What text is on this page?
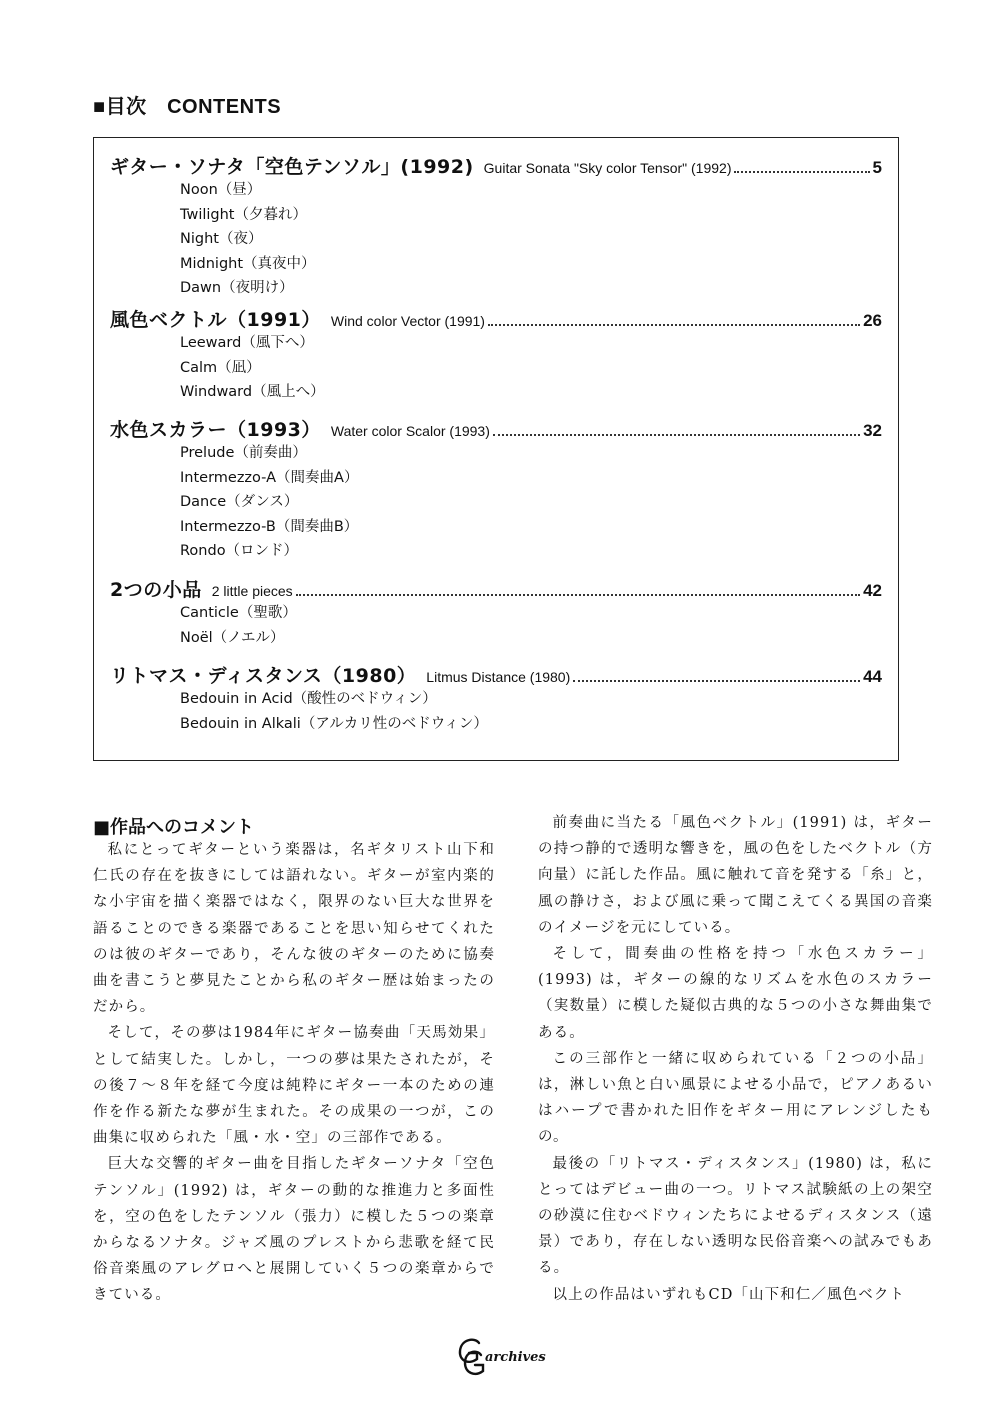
■目次　CONTENTS
ギター・ソナタ「空色テンソル」(1992) Guitar Sonata "Sky color Tensor" (1992)	5
Noon（昼）
Twilight（夕暮れ）
Night（夜）
Midnight（真夜中）
Dawn（夜明け）
風色ベクトル（1991） Wind color Vector (1991)	26
Leeward（風下へ）
Calm（凪）
Windward（風上へ）
水色スカラー（1993） Water color Scalor (1993)	32
Prelude（前奏曲）
Intermezzo-A（間奏曲A）
Dance（ダンス）
Intermezzo-B（間奏曲B）
Rondo（ロンド）
2つの小品 2 little pieces	42
Canticle（聖歌）
Noël（ノエル）
リトマス・ディスタンス（1980） Litmus Distance (1980)	44
Bedouin in Acid（酸性のベドウィン）
Bedouin in Alkali（アルカリ性のベドウィン）
■作品へのコメント

私にとってギターという楽器は，名ギタリスト山下和仁氏の存在を抜きにしては語れない。ギターが室内楽的な小宇宙を描く楽器ではなく，限界のない巨大な世界を語ることのできる楽器であることを思い知らせてくれたのは彼のギターであり，そんな彼のギターのために協奏曲を書こうと夢見たことから私のギター歴は始まったのだから。

そして，その夢は1984年にギター協奏曲「天馬効果」として結実した。しかし，一つの夢は果たされたが，その後７～８年を経て今度は純粋にギター一本のための連作を作る新たな夢が生まれた。その成果の一つが，この曲集に収められた「風・水・空」の三部作である。

巨大な交響的ギター曲を目指したギターソナタ「空色テンソル」(1992) は，ギターの動的な推進力と多面性を，空の色をしたテンソル（張力）に模した５つの楽章からなるソナタ。ジャズ風のプレストから悲歌を経て民俗音楽風のアレグロへと展開していく５つの楽章からできている。

前奏曲に当たる「風色ベクトル」(1991) は，ギターの持つ静的で透明な響きを，風の色をしたベクトル（方向量）に託した作品。風に触れて音を発する「糸」と，風の静けさ，および風に乗って聞こえてくる異国の音楽のイメージを元にしている。

そして，間奏曲の性格を持つ「水色スカラー」(1993) は，ギターの線的なリズムを水色のスカラー（実数量）に模した疑似古典的な５つの小さな舞曲集である。

この三部作と一緒に収められている「２つの小品」は，淋しい魚と白い風景によせる小品で，ピアノあるいはハープで書かれた旧作をギター用にアレンジしたもの。

最後の「リトマス・ディスタンス」(1980) は，私にとってはデビュー曲の一つ。リトマス試験紙の上の架空の砂漠に住むベドウィンたちによせるディスタンス（遠景）であり，存在しない透明な民俗音楽への試みでもある。

以上の作品はいずれもCD「山下和仁／風色ベクト

archives
